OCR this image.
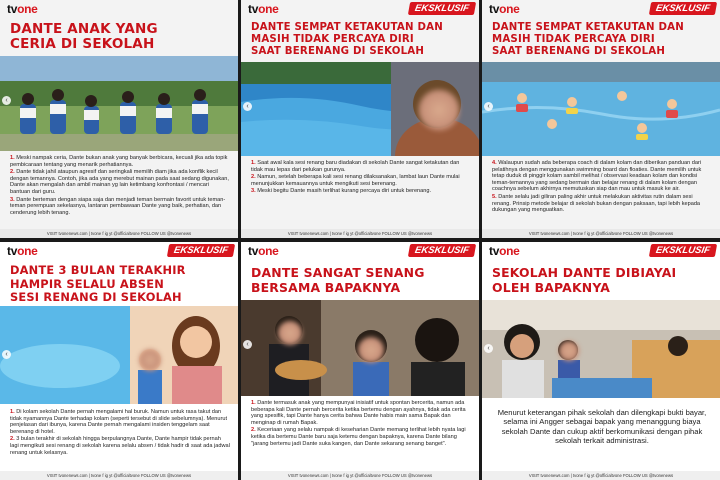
tvone
DANTE ANAK YANG
CERIA DI SEKOLAH
‹

1. Meski nampak ceria, Dante bukan anak yang banyak berbicara, kecuali jika ada topik pembicaraan tentang yang menarik perhatiannya.

2. Dante tidak jahil ataupun agresif dan seringkali memilih diam jika ada konflik kecil dengan temannya. Contoh, jika ada yang merebut mainan pada saat sedang digunakan, Dante akan mengalah dan ambil mainan yg lain ketimbang konfrontasi / mencari bantuan dari guru.

3. Dante berteman dengan siapa saja dan menjadi teman bermain favorit untuk teman-teman perempuan sekelasnya, lantaran pembawaan Dante yang baik, perhatian, dan cenderung lebih tenang.

VISIT tvonenews.com | tvone f ig yt @officialtvone FOLLOW US @tvonenews
tvone	EKSKLUSIF
DANTE SEMPAT KETAKUTAN DAN
MASIH TIDAK PERCAYA DIRI
SAAT BERENANG DI SEKOLAH
‹

1. Saat awal kala sesi renang baru diadakan di sekolah Dante sangat ketakutan dan tidak mau lepas dari pelukan gurunya.

2. Namun, setelah beberapa kali sesi renang dilaksanakan, lambat laun Dante mulai menunjukkan kemauannya untuk mengikuti sesi berenang.

3. Meski begitu Dante masih terlihat kurang percaya diri untuk berenang.

VISIT tvonenews.com | tvone f ig yt @officialtvone FOLLOW US @tvonenews
tvone	EKSKLUSIF
DANTE SEMPAT KETAKUTAN DAN
MASIH TIDAK PERCAYA DIRI
SAAT BERENANG DI SEKOLAH
‹

4. Walaupun sudah ada beberapa coach di dalam kolam dan diberikan panduan dari pelatihnya dengan menggunakan swimming board dan floaties. Dante memilih untuk tetap duduk di pinggir kolam sambil melihat / observasi keadaan kolam dan kondisi teman-temannya yang sedang bermain dan belajar renang di dalam kolam dengan coachnya sebelum akhirnya memutuskan siap dan mau untuk masuk ke air.

5. Dante selalu jadi giliran paling akhir untuk melakukan aktivitas rutin dalam sesi renang. Prinsip metode belajar di sekolah bukan dengan paksaan, tapi lebih kepada dukungan yang menguatkan.

VISIT tvonenews.com | tvone f ig yt @officialtvone FOLLOW US @tvonenews
tvone	EKSKLUSIF
DANTE 3 BULAN TERAKHIR
HAMPIR SELALU ABSEN
SESI RENANG DI SEKOLAH
‹

1. Di kolam sekolah Dante pernah mengalami hal buruk. Namun untuk rasa takut dan tidak nyamannya Dante terhadap kolam (seperti tersebut di slide sebelumnya). Menurut penjelasan dari ibunya, karena Dante pernah mengalami insiden tenggelam saat berenang di hotel.

2. 3 bulan terakhir di sekolah hingga berpulangnya Dante, Dante hampir tidak pernah lagi mengikuti sesi renang di sekolah karena selalu absen / tidak hadir di saat ada jadwal renang untuk kelasnya.

VISIT tvonenews.com | tvone f ig yt @officialtvone FOLLOW US @tvonenews
tvone	EKSKLUSIF
DANTE SANGAT SENANG
BERSAMA BAPAKNYA
‹

1. Dante termasuk anak yang mempunyai inisiatif untuk spontan bercerita, namun ada beberapa kali Dante pernah bercerita ketika bertemu dengan ayahnya, tidak ada cerita yang spesifik, tapi Dante hanya cerita bahwa Dante habis main sama Bapak dan menginap di rumah Bapak.

2. Keceriaan yang selalu nampak di keseharian Dante memang terlihat lebih nyata lagi ketika dia bertemu Dante baru saja ketemu dengan bapaknya, karena Dante bilang "jarang bertemu jadi Dante suka kangen, dan Dante sekarang senang banget".

VISIT tvonenews.com | tvone f ig yt @officialtvone FOLLOW US @tvonenews
tvone	EKSKLUSIF
SEKOLAH DANTE DIBIAYAI
OLEH BAPAKNYA
‹
Menurut keterangan pihak sekolah dan dilengkapi bukti bayar, selama ini Angger sebagai bapak yang menanggung biaya sekolah Dante dan cukup aktif berkomunikasi dengan pihak sekolah terkait administrasi.
VISIT tvonenews.com | tvone f ig yt @officialtvone FOLLOW US @tvonenews
